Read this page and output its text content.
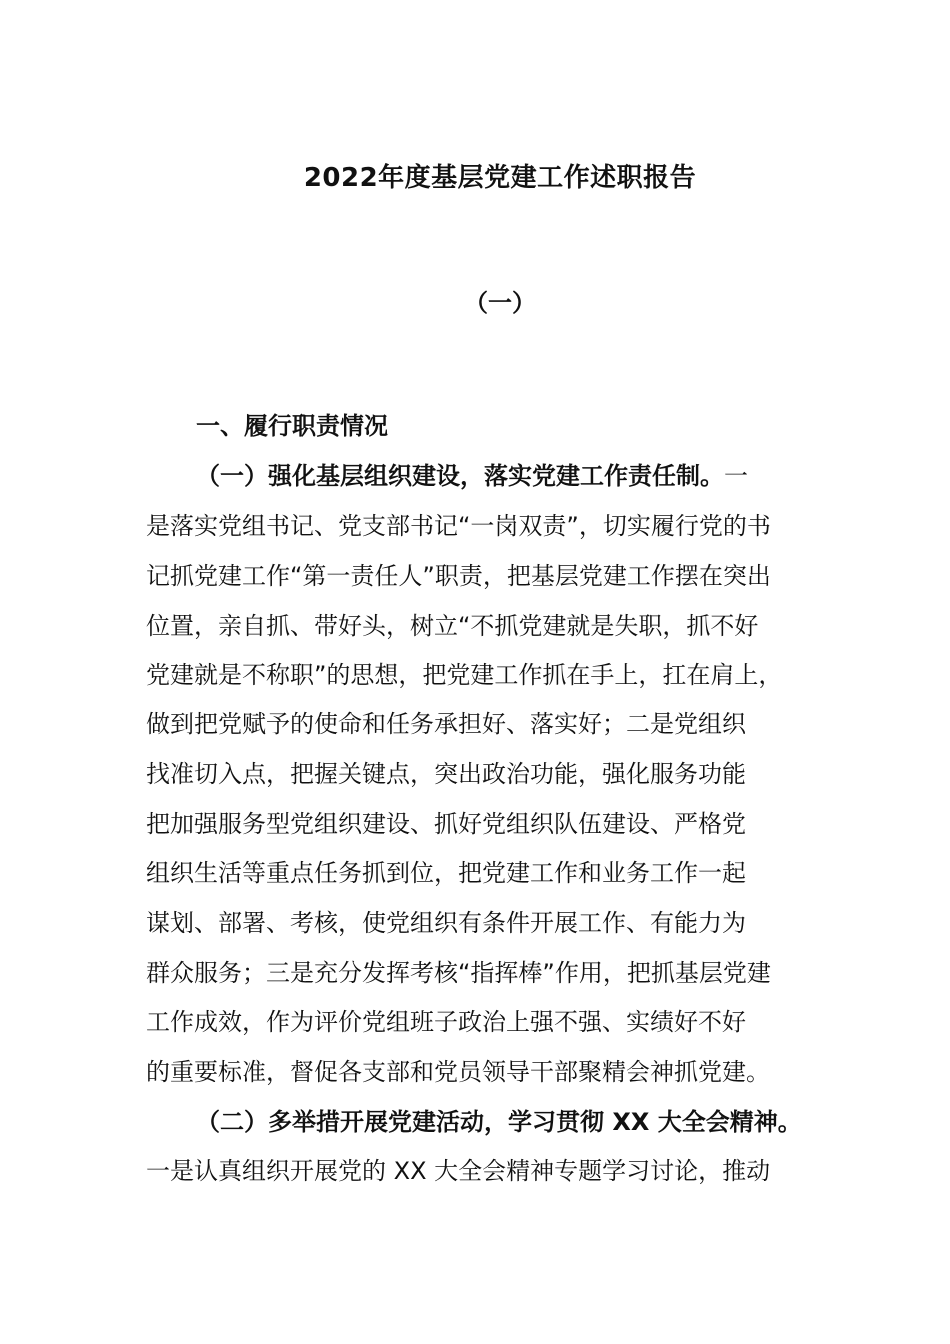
2022年度基层党建工作述职报告
（一）
一、履行职责情况
（一）强化基层组织建设，落实党建工作责任制。一
是落实党组书记、党支部书记“一岗双责”，切实履行党的书
记抓党建工作“第一责任人”职责，把基层党建工作摆在突出
位置，亲自抓、带好头，树立“不抓党建就是失职，抓不好
党建就是不称职”的思想，把党建工作抓在手上，扛在肩上，
做到把党赋予的使命和任务承担好、落实好；二是党组织
找准切入点，把握关键点，突出政治功能，强化服务功能
把加强服务型党组织建设、抓好党组织队伍建设、严格党
组织生活等重点任务抓到位，把党建工作和业务工作一起
谋划、部署、考核，使党组织有条件开展工作、有能力为
群众服务；三是充分发挥考核“指挥棒”作用，把抓基层党建
工作成效，作为评价党组班子政治上强不强、实绩好不好
的重要标准，督促各支部和党员领导干部聚精会神抓党建。
（二）多举措开展党建活动，学习贯彻 XX 大全会精神。
一是认真组织开展党的 XX 大全会精神专题学习讨论，推动
